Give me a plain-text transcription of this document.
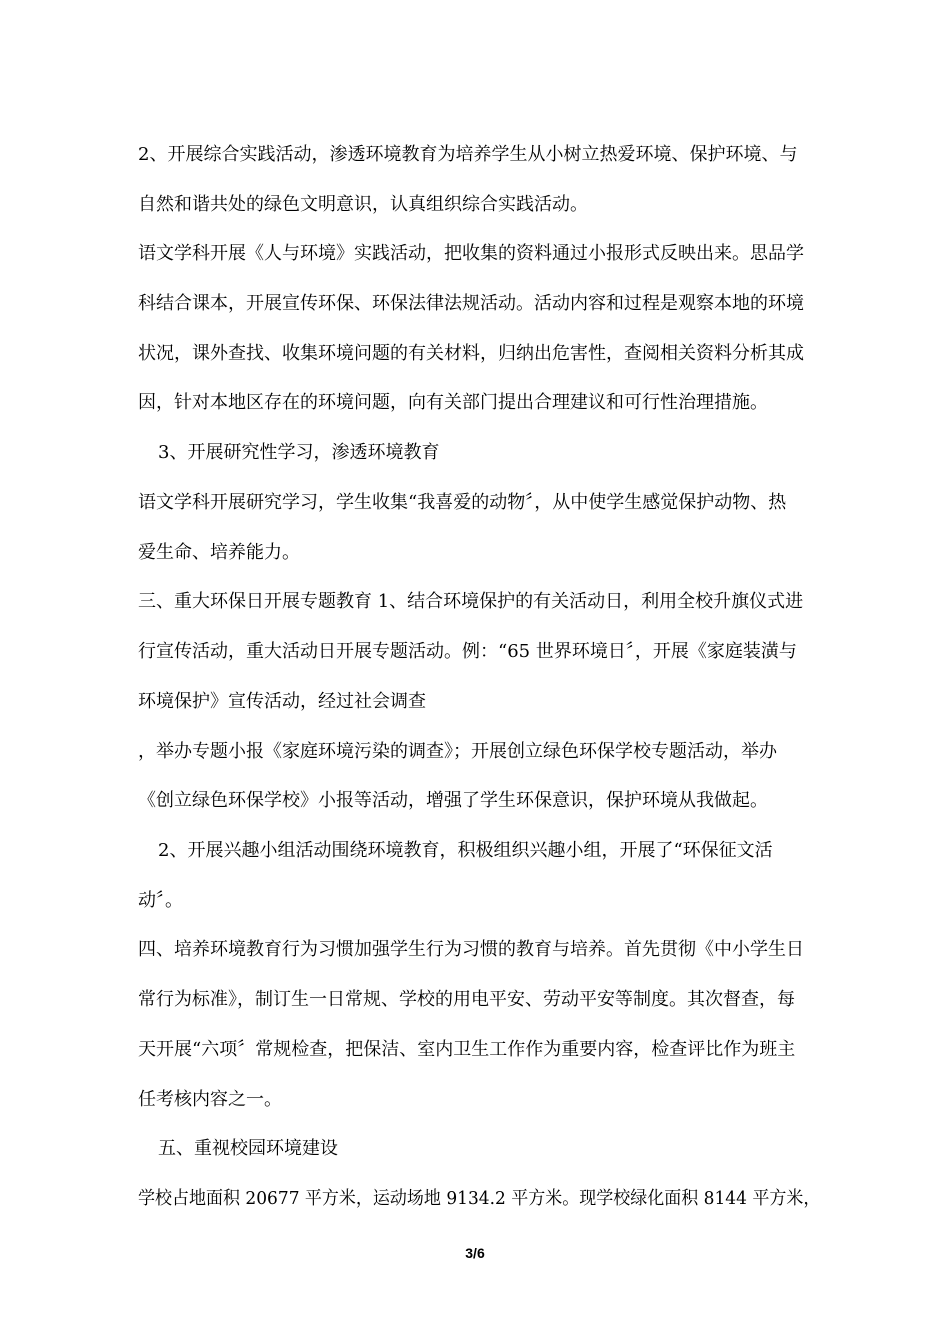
2、开展综合实践活动，渗透环境教育为培养学生从小树立热爱环境、保护环境、与
自然和谐共处的绿色文明意识，认真组织综合实践活动。
语文学科开展《人与环境》实践活动，把收集的资料通过小报形式反映出来。思品学
科结合课本，开展宣传环保、环保法律法规活动。活动内容和过程是观察本地的环境
状况，课外查找、收集环境问题的有关材料，归纳出危害性，查阅相关资料分析其成
因，针对本地区存在的环境问题，向有关部门提出合理建议和可行性治理措施。
3、开展研究性学习，渗透环境教育
语文学科开展研究学习，学生收集“我喜爱的动物〞，从中使学生感觉保护动物、热
爱生命、培养能力。
三、重大环保日开展专题教育 1、结合环境保护的有关活动日，利用全校升旗仪式进
行宣传活动，重大活动日开展专题活动。例：“65 世界环境日〞，开展《家庭装潢与
环境保护》宣传活动，经过社会调查
，举办专题小报《家庭环境污染的调查》；开展创立绿色环保学校专题活动，举办
《创立绿色环保学校》小报等活动，增强了学生环保意识，保护环境从我做起。
2、开展兴趣小组活动围绕环境教育，积极组织兴趣小组，开展了“环保征文活
动〞。
四、培养环境教育行为习惯加强学生行为习惯的教育与培养。首先贯彻《中小学生日
常行为标准》，制订生一日常规、学校的用电平安、劳动平安等制度。其次督查，每
天开展“六项〞常规检查，把保洁、室内卫生工作作为重要内容，检查评比作为班主
任考核内容之一。
五、重视校园环境建设
学校占地面积 20677 平方米，运动场地 9134.2 平方米。现学校绿化面积 8144 平方米，
3/6
